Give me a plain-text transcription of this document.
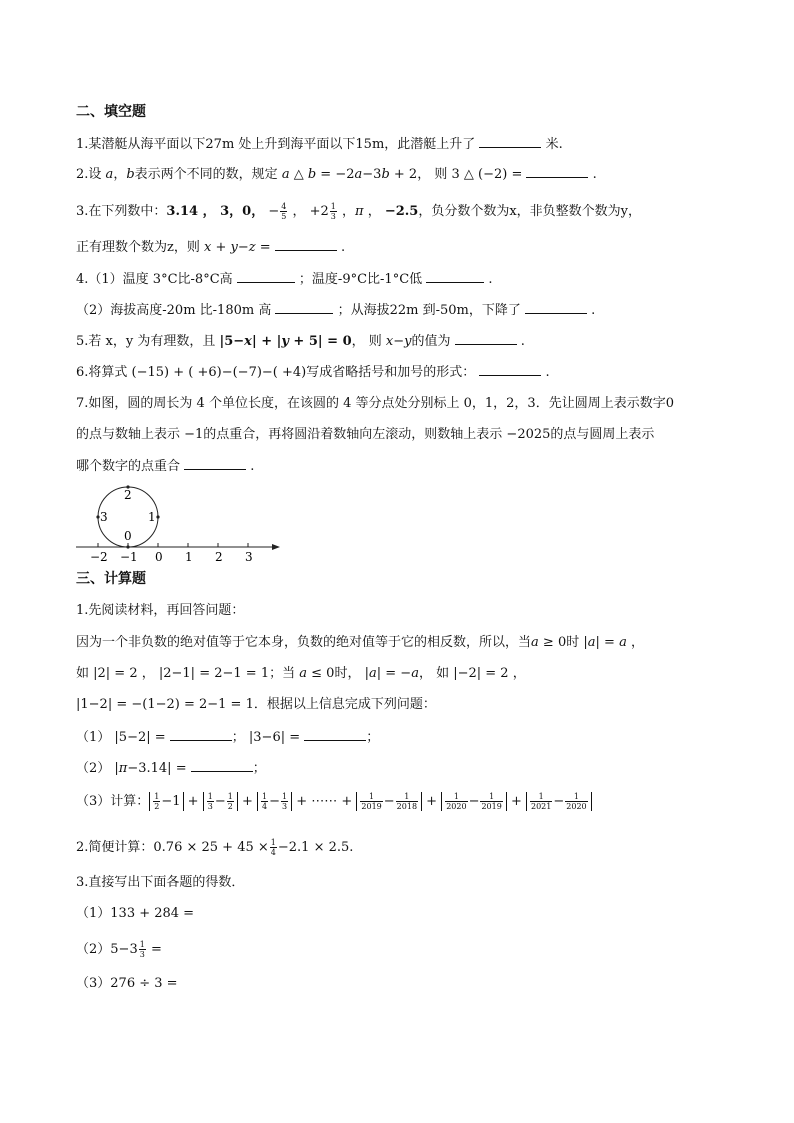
二、填空题
1.某潜艇从海平面以下27m 处上升到海平面以下15m，此潜艇上升了	米.
2.设 a，b表示两个不同的数，规定 a △ b = −2a−3b + 2， 则 3 △ (−2) =	.
3.在下列数中：3.14 ， 3，0， − $\frac{4}{5}$ ， $+2 \frac{1}{3}$ ，π ， −2.5，负分数个数为x，非负整数个数为y，
正有理数个数为z，则 x + y−z =	.
4.（1）温度 3°C比-8°C高	；温度-9°C比-1°C低	.
（2）海拔高度-20m 比-180m 高	；从海拔22m 到-50m，下降了	.
5.若 x，y 为有理数，且 |5−x| + |y + 5| = 0， 则 x−y的值为	.
6.将算式 (−15) + ( +6)−(−7)−( +4)写成省略括号和加号的形式：	.
7.如图，圆的周长为 4 个单位长度，在该圆的 4 等分点处分别标上 0，1，2，3．先让圆周上表示数字0
的点与数轴上表示 −1的点重合，再将圆沿着数轴向左滚动，则数轴上表示 −2025的点与圆周上表示
哪个数字的点重合	.
2
3	1
0
−2 −1 0 1 2 3
三、计算题
1.先阅读材料，再回答问题：
因为一个非负数的绝对值等于它本身，负数的绝对值等于它的相反数，所以，当a ≥ 0时 |a| = a ，
如 |2| = 2 ， |2−1| = 2−1 = 1；当 a ≤ 0时， |a| = −a， 如 |−2| = 2 ，
|1−2| = −(1−2) = 2−1 = 1．根据以上信息完成下列问题：
（1） |5−2| =	； |3−6| =	；
（2） |π−3.14| =	；
（3）计算： $\frac{1}{2} -1 + \frac{1}{3} - \frac{1}{2} + \frac{1}{4} - \frac{1}{3}$ + ⋯⋯ + $\frac{1}{2019} - \frac{1}{2018} + \frac{1}{2020} - \frac{1}{2019} + \frac{1}{2021} - \frac{1}{2020}$
2.简便计算：$0.76 \times 25 + 45 \times \frac{1}{4} -2.1 \times 2.5$.
3.直接写出下面各题的得数．
（1）133 + 284 =
$(2)5-3 \frac{1}{3}$ =
（3）276 ÷ 3 =
